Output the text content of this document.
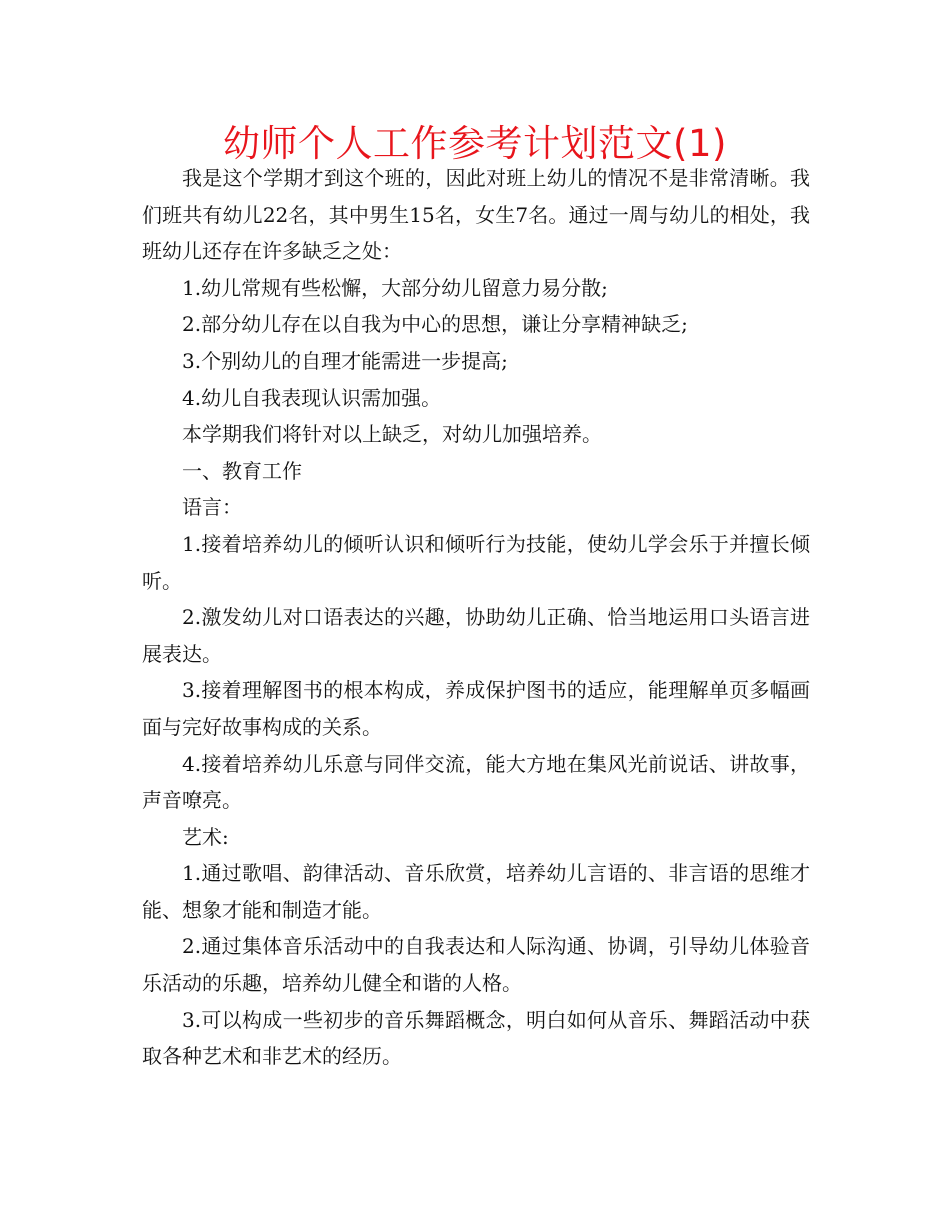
幼师个人工作参考计划范文(1)

我是这个学期才到这个班的，因此对班上幼儿的情况不是非常清晰。我们班共有幼儿22名，其中男生15名，女生7名。通过一周与幼儿的相处，我班幼儿还存在许多缺乏之处：

1.幼儿常规有些松懈，大部分幼儿留意力易分散;

2.部分幼儿存在以自我为中心的思想，谦让分享精神缺乏;

3.个别幼儿的自理才能需进一步提高;

4.幼儿自我表现认识需加强。

本学期我们将针对以上缺乏，对幼儿加强培养。

一、教育工作

语言：

1.接着培养幼儿的倾听认识和倾听行为技能，使幼儿学会乐于并擅长倾听。

2.激发幼儿对口语表达的兴趣，协助幼儿正确、恰当地运用口头语言进展表达。

3.接着理解图书的根本构成，养成保护图书的适应，能理解单页多幅画面与完好故事构成的关系。

4.接着培养幼儿乐意与同伴交流，能大方地在集风光前说话、讲故事，声音嘹亮。

艺术:

1.通过歌唱、韵律活动、音乐欣赏，培养幼儿言语的、非言语的思维才能、想象才能和制造才能。

2.通过集体音乐活动中的自我表达和人际沟通、协调，引导幼儿体验音乐活动的乐趣，培养幼儿健全和谐的人格。

3.可以构成一些初步的音乐舞蹈概念，明白如何从音乐、舞蹈活动中获取各种艺术和非艺术的经历。
